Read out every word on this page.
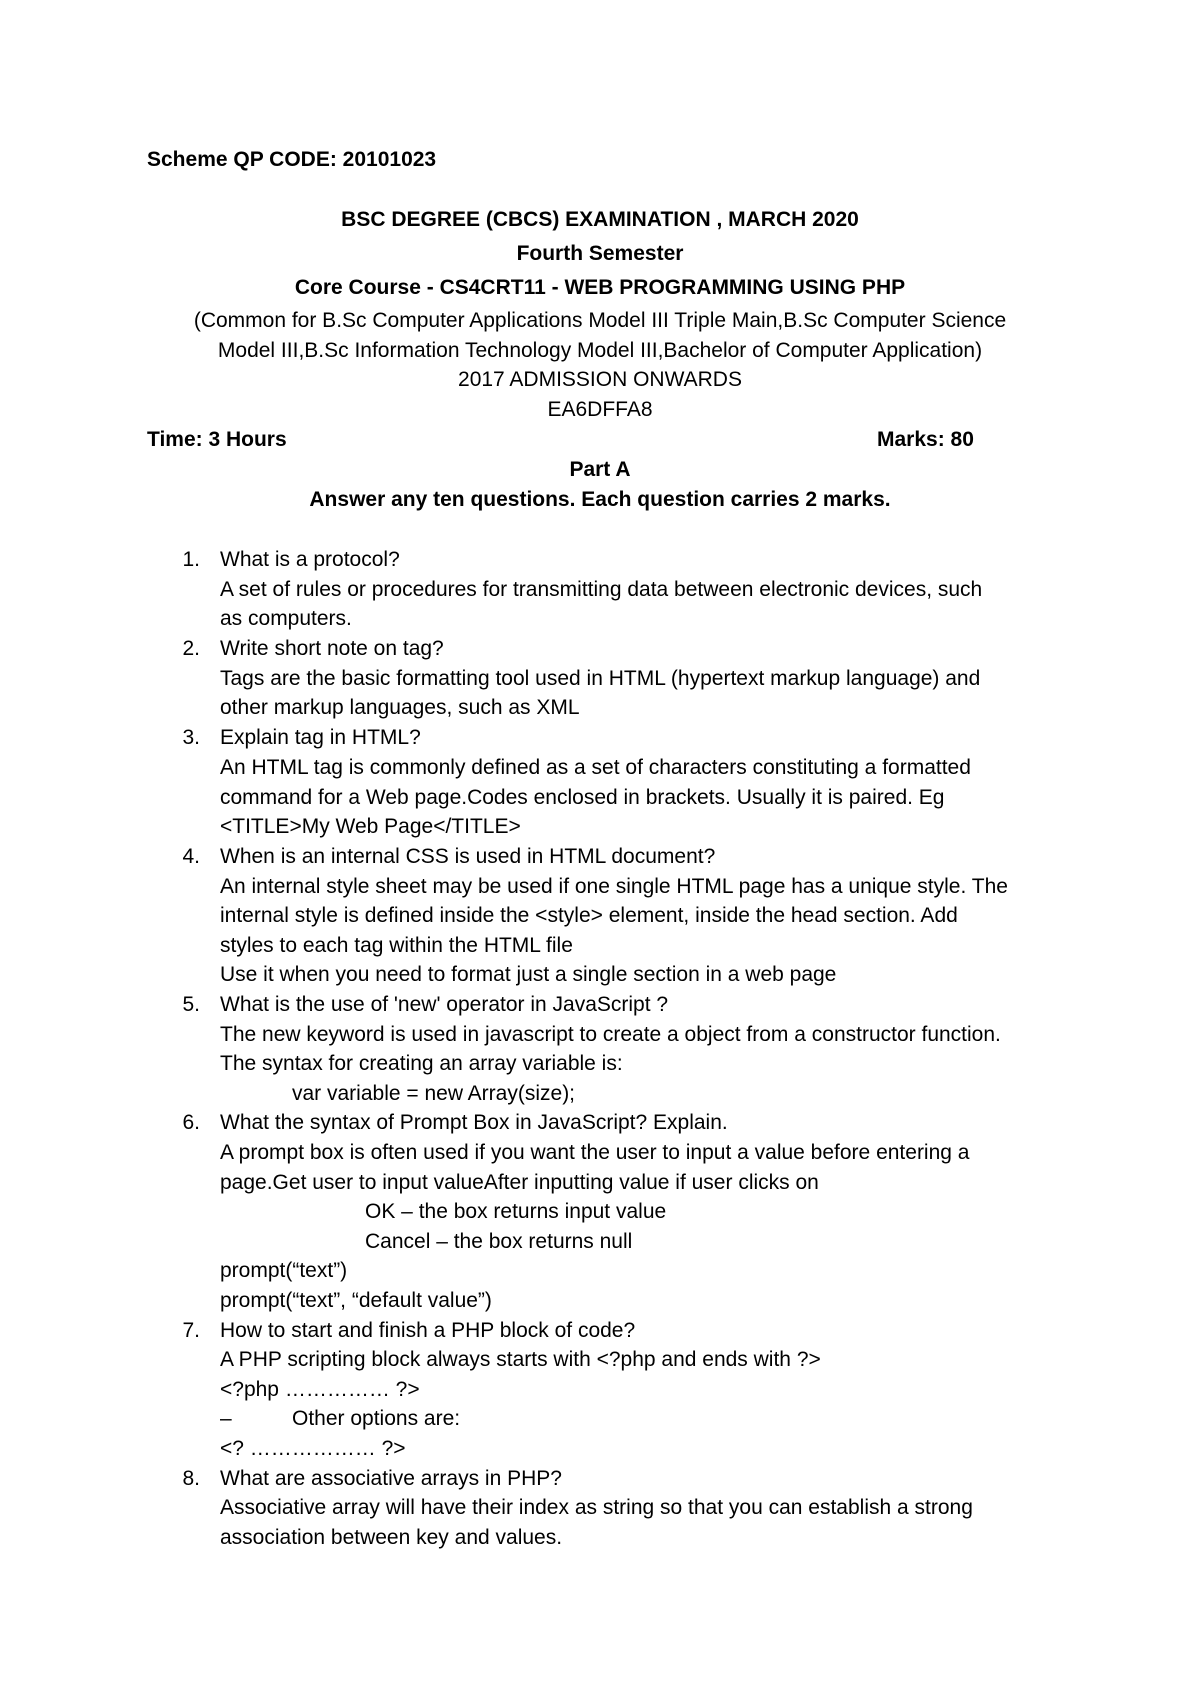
Scheme QP CODE: 20101023
BSC DEGREE (CBCS) EXAMINATION , MARCH 2020
Fourth Semester
Core Course - CS4CRT11 - WEB PROGRAMMING USING PHP
(Common for B.Sc Computer Applications Model III Triple Main,B.Sc Computer Science
Model III,B.Sc Information Technology Model III,Bachelor of Computer Application)
2017 ADMISSION ONWARDS
EA6DFFA8
Time: 3 Hours	Marks: 80
Part A
Answer any ten questions. Each question carries 2 marks.
1. What is a protocol?
A set of rules or procedures for transmitting data between electronic devices, such
as computers.
2. Write short note on tag?
Tags are the basic formatting tool used in HTML (hypertext markup language) and
other markup languages, such as XML
3. Explain tag in HTML?
An HTML tag is commonly defined as a set of characters constituting a formatted
command for a Web page.Codes enclosed in brackets. Usually it is paired. Eg
<TITLE>My Web Page</TITLE>
4. When is an internal CSS is used in HTML document?
An internal style sheet may be used if one single HTML page has a unique style. The
internal style is defined inside the <style> element, inside the head section. Add
styles to each tag within the HTML file
Use it when you need to format just a single section in a web page
5. What is the use of 'new' operator in JavaScript ?
The new keyword is used in javascript to create a object from a constructor function.
The syntax for creating an array variable is:
var variable = new Array(size);
6. What the syntax of Prompt Box in JavaScript? Explain.
A prompt box is often used if you want the user to input a value before entering a
page.Get user to input valueAfter inputting value if user clicks on
OK – the box returns input value
Cancel – the box returns null
prompt(“text”)
prompt(“text”, “default value”)
7. How to start and finish a PHP block of code?
A PHP scripting block always starts with <?php and ends with ?>
<?php …………… ?>
–	Other options are:
<? ……………… ?>
8. What are associative arrays in PHP?
Associative array will have their index as string so that you can establish a strong
association between key and values.
